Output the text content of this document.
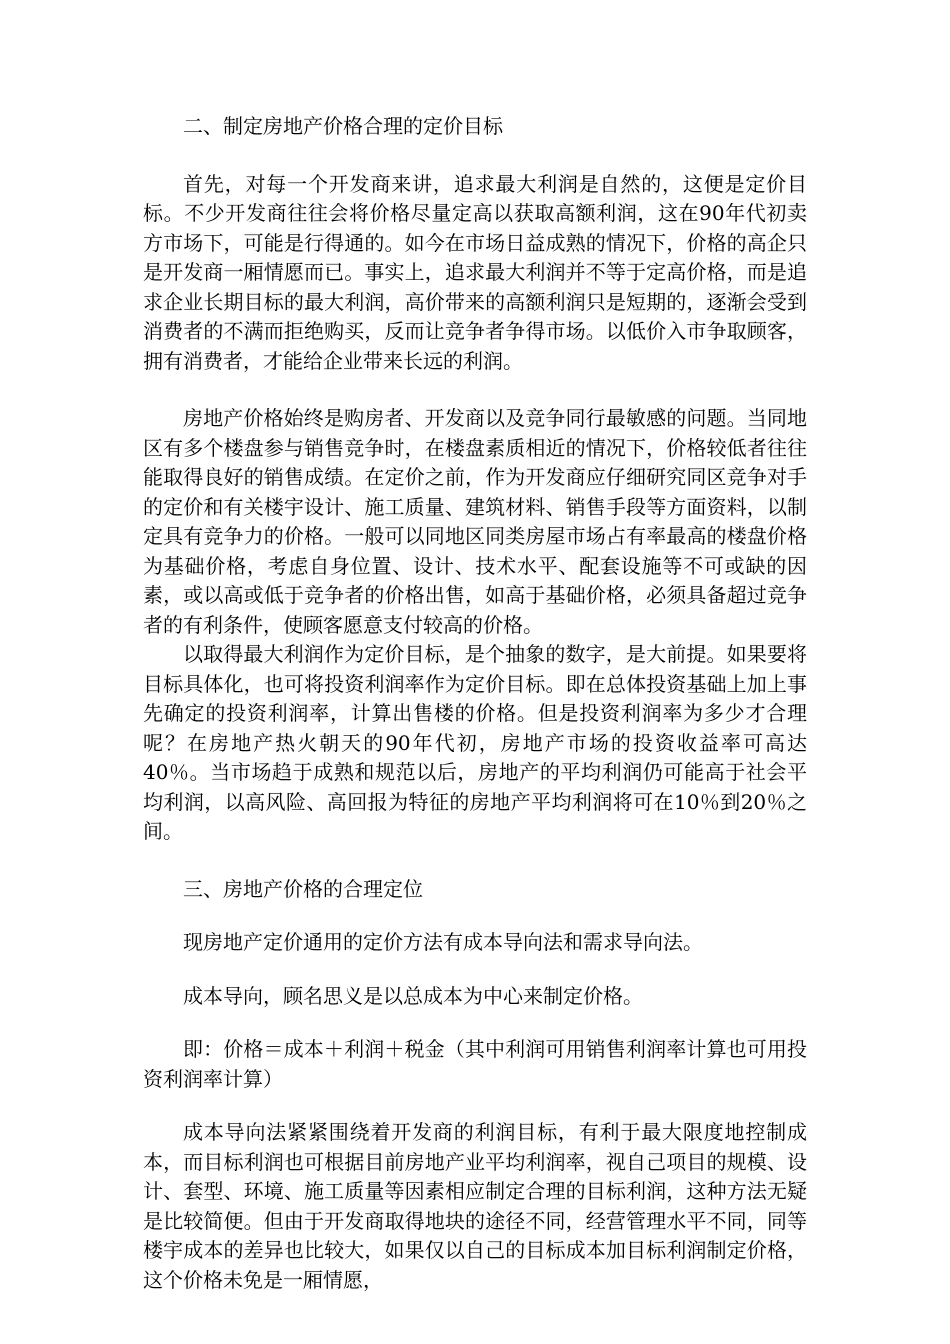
二、制定房地产价格合理的定价目标

首先，对每一个开发商来讲，追求最大利润是自然的，这便是定价目标。不少开发商往往会将价格尽量定高以获取高额利润，这在90年代初卖方市场下，可能是行得通的。如今在市场日益成熟的情况下，价格的高企只是开发商一厢情愿而已。事实上，追求最大利润并不等于定高价格，而是追求企业长期目标的最大利润，高价带来的高额利润只是短期的，逐渐会受到消费者的不满而拒绝购买，反而让竞争者争得市场。以低价入市争取顾客，拥有消费者，才能给企业带来长远的利润。

房地产价格始终是购房者、开发商以及竞争同行最敏感的问题。当同地区有多个楼盘参与销售竞争时，在楼盘素质相近的情况下，价格较低者往往能取得良好的销售成绩。在定价之前，作为开发商应仔细研究同区竞争对手的定价和有关楼宇设计、施工质量、建筑材料、销售手段等方面资料，以制定具有竞争力的价格。一般可以同地区同类房屋市场占有率最高的楼盘价格为基础价格，考虑自身位置、设计、技术水平、配套设施等不可或缺的因素，或以高或低于竞争者的价格出售，如高于基础价格，必须具备超过竞争者的有利条件，使顾客愿意支付较高的价格。

以取得最大利润作为定价目标，是个抽象的数字，是大前提。如果要将目标具体化，也可将投资利润率作为定价目标。即在总体投资基础上加上事先确定的投资利润率，计算出售楼的价格。但是投资利润率为多少才合理呢？在房地产热火朝天的90年代初，房地产市场的投资收益率可高达40％。当市场趋于成熟和规范以后，房地产的平均利润仍可能高于社会平均利润，以高风险、高回报为特征的房地产平均利润将可在10％到20％之间。

三、房地产价格的合理定位

现房地产定价通用的定价方法有成本导向法和需求导向法。

成本导向，顾名思义是以总成本为中心来制定价格。

即：价格＝成本＋利润＋税金（其中利润可用销售利润率计算也可用投资利润率计算）

成本导向法紧紧围绕着开发商的利润目标，有利于最大限度地控制成本，而目标利润也可根据目前房地产业平均利润率，视自己项目的规模、设计、套型、环境、施工质量等因素相应制定合理的目标利润，这种方法无疑是比较简便。但由于开发商取得地块的途径不同，经营管理水平不同，同等楼宇成本的差异也比较大，如果仅以自己的目标成本加目标利润制定价格，这个价格未免是一厢情愿，
